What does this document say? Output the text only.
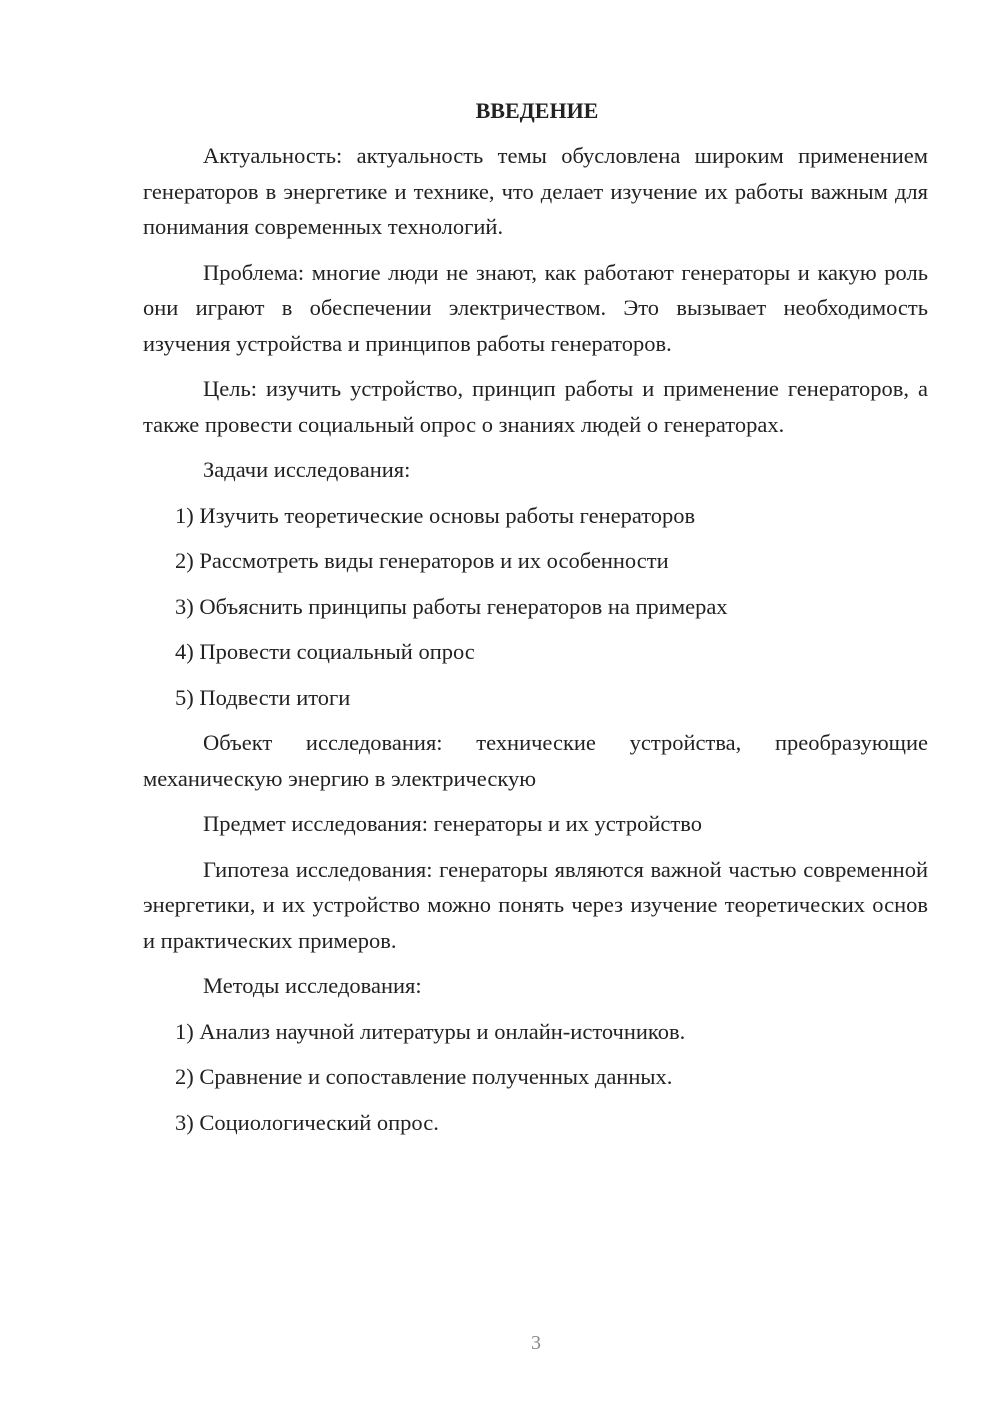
ВВЕДЕНИЕ

Актуальность: актуальность темы обусловлена широким применением генераторов в энергетике и технике, что делает изучение их работы важным для понимания современных технологий.

Проблема: многие люди не знают, как работают генераторы и какую роль они играют в обеспечении электричеством. Это вызывает необходимость изучения устройства и принципов работы генераторов.

Цель: изучить устройство, принцип работы и применение генераторов, а также провести социальный опрос о знаниях людей о генераторах.

Задачи исследования:

1) Изучить теоретические основы работы генераторов
2) Рассмотреть виды генераторов и их особенности
3) Объяснить принципы работы генераторов на примерах
4) Провести социальный опрос
5) Подвести итоги

Объект исследования: технические устройства, преобразующие механическую энергию в электрическую

Предмет исследования: генераторы и их устройство

Гипотеза исследования: генераторы являются важной частью современной энергетики, и их устройство можно понять через изучение теоретических основ и практических примеров.

Методы исследования:

1) Анализ научной литературы и онлайн-источников.
2) Сравнение и сопоставление полученных данных.
3) Социологический опрос.
3
